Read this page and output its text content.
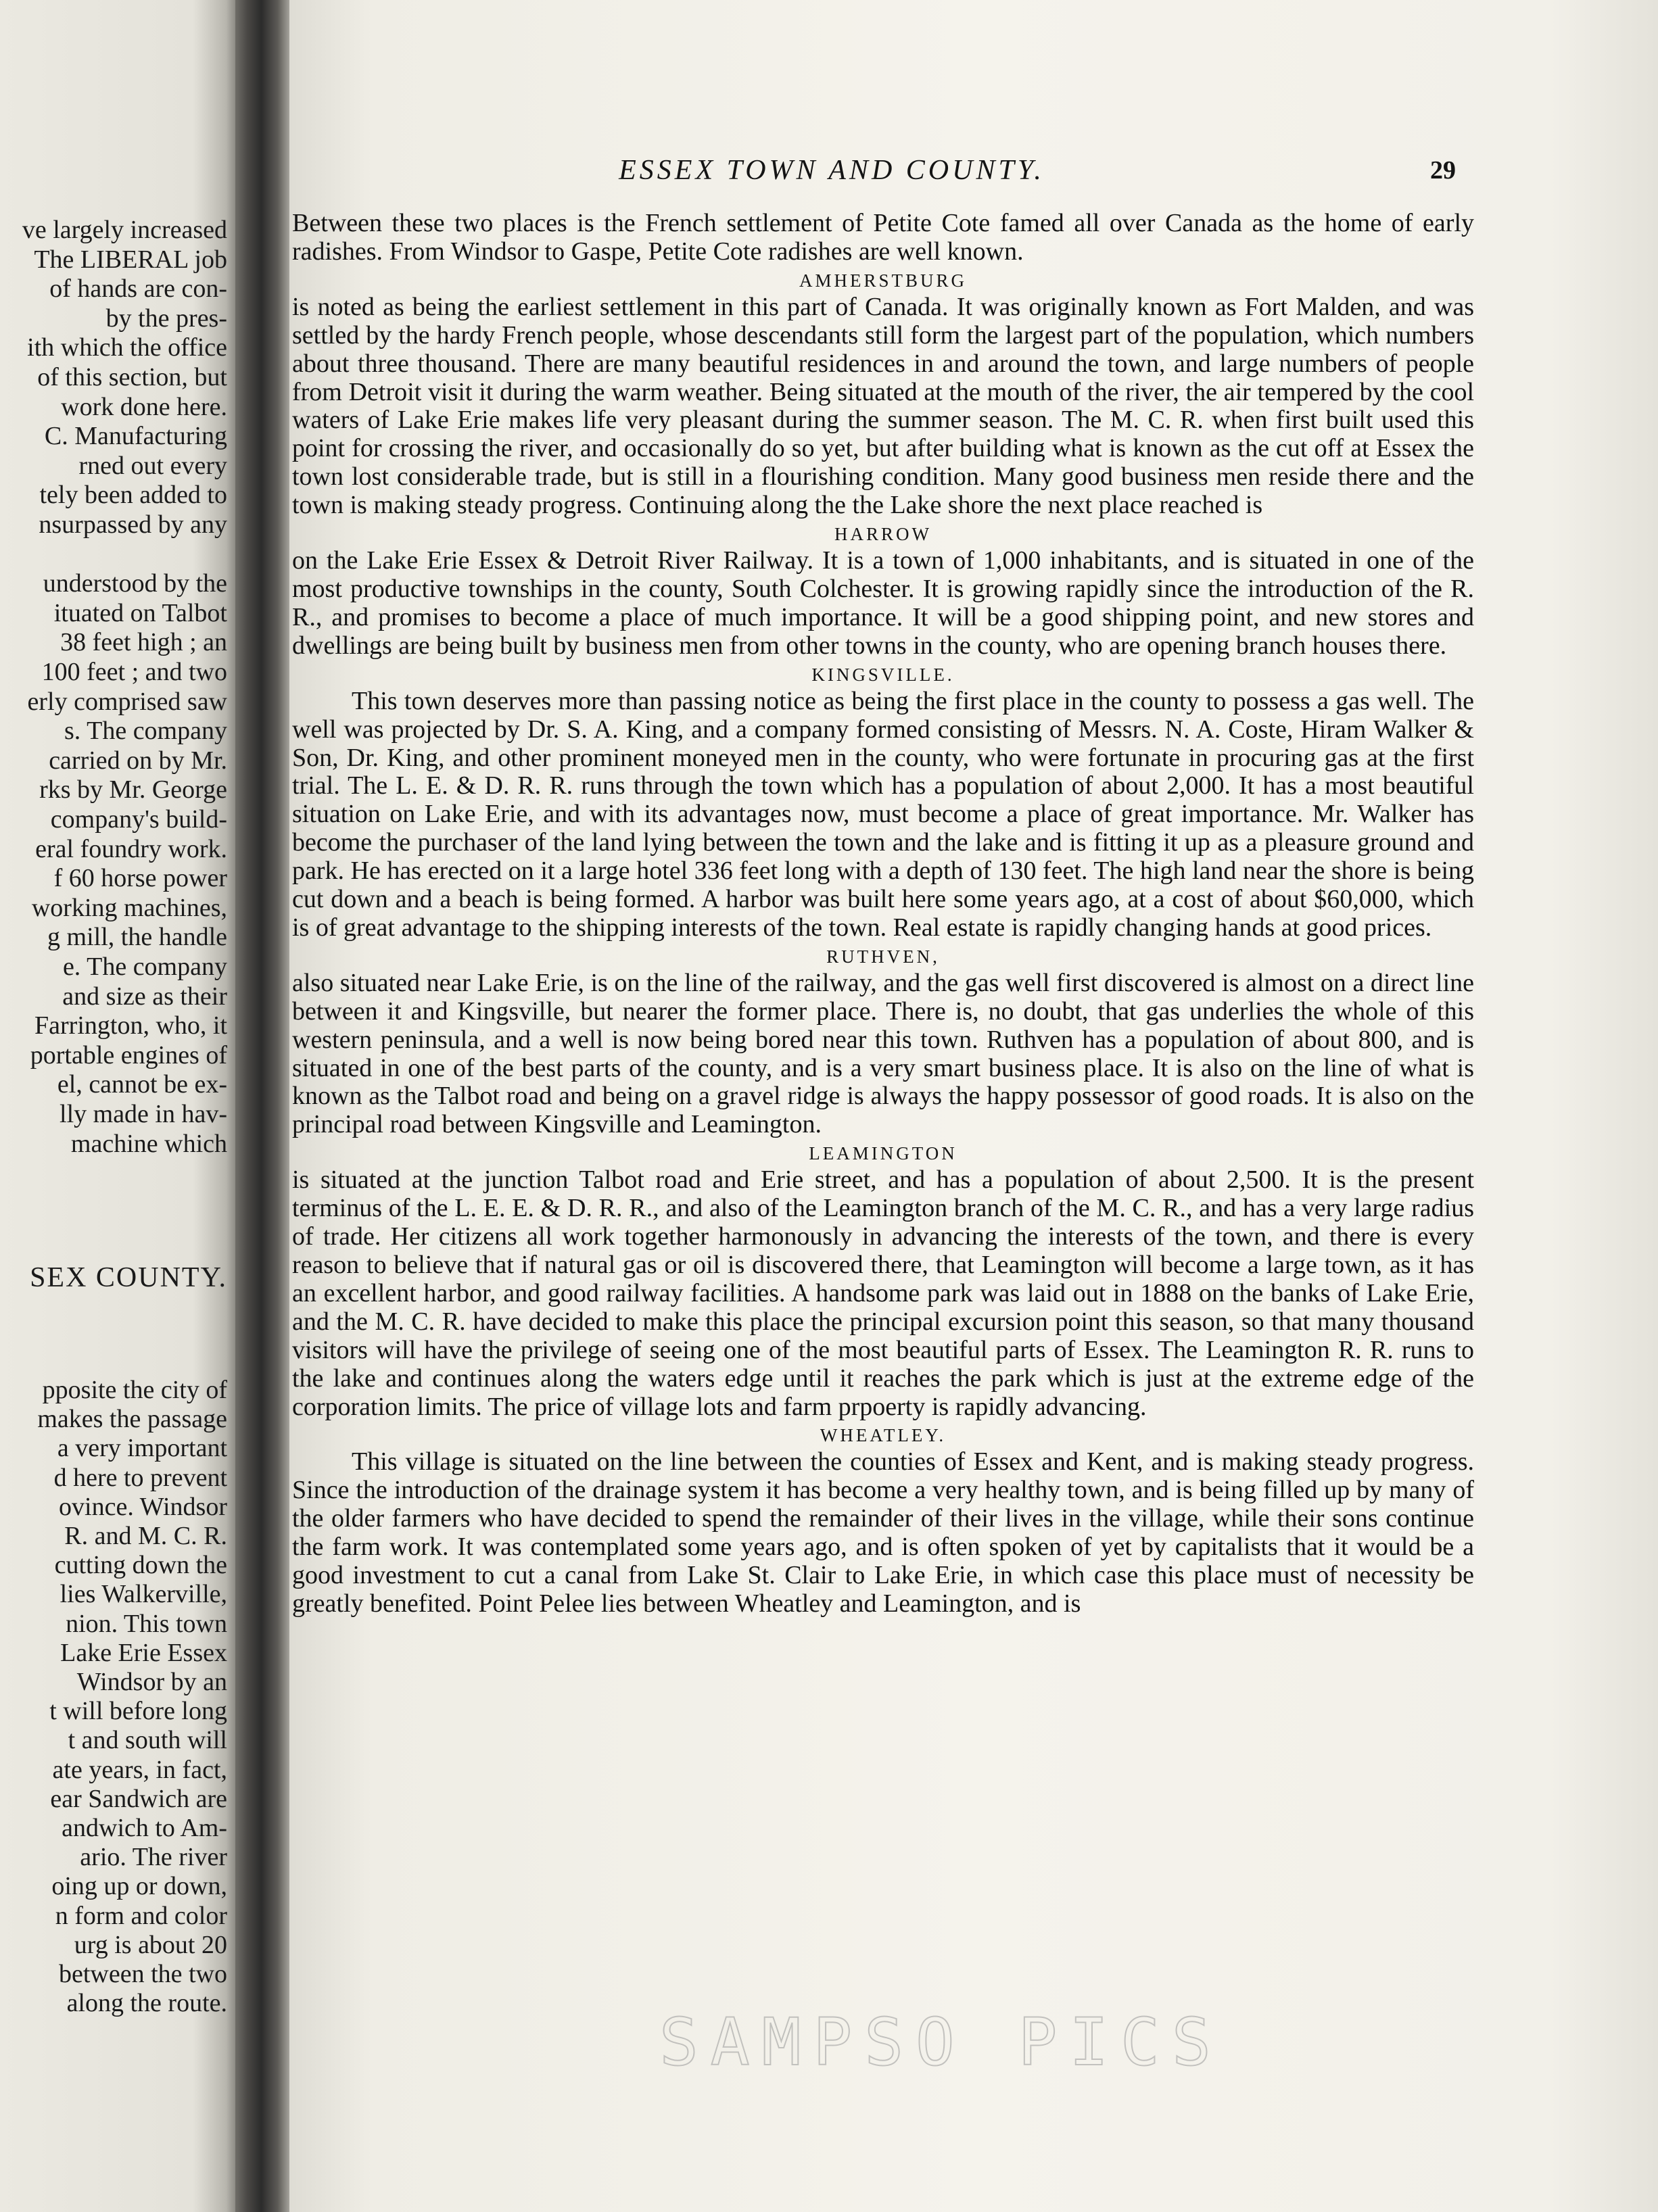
ve largely increased
The LIBERAL job
of hands are con-
by the pres-
ith which the office
of this section, but
work done here.
C. Manufacturing
rned out every
tely been added to
nsurpassed by any
understood by the
ituated on Talbot
38 feet high ; an
100 feet ; and two
erly comprised saw
s. The company
carried on by Mr.
rks by Mr. George
company's build-
eral foundry work.
f 60 horse power
working machines,
g mill, the handle
e. The company
and size as their
Farrington, who, it
portable engines of
el, cannot be ex-
lly made in hav-
machine which
SEX COUNTY.
pposite the city of
makes the passage
a very important
d here to prevent
ovince. Windsor
R. and M. C. R.
cutting down the
lies Walkerville,
nion. This town
Lake Erie Essex
Windsor by an
t will before long
t and south will
ate years, in fact,
ear Sandwich are
andwich to Am-
ario. The river
oing up or down,
n form and color
urg is about 20
between the two
along the route.
ESSEX TOWN AND COUNTY.	29

Between these two places is the French settlement of Petite Cote famed all over Canada as the home of early radishes. From Windsor to Gaspe, Petite Cote radishes are well known.

AMHERSTBURG

is noted as being the earliest settlement in this part of Canada. It was originally known as Fort Malden, and was settled by the hardy French people, whose descendants still form the largest part of the population, which numbers about three thousand. There are many beautiful residences in and around the town, and large numbers of people from Detroit visit it during the warm weather. Being situated at the mouth of the river, the air tempered by the cool waters of Lake Erie makes life very pleasant during the summer season. The M. C. R. when first built used this point for crossing the river, and occasionally do so yet, but after building what is known as the cut off at Essex the town lost considerable trade, but is still in a flourishing condition. Many good business men reside there and the town is making steady progress. Continuing along the the Lake shore the next place reached is

HARROW

on the Lake Erie Essex & Detroit River Railway. It is a town of 1,000 inhabitants, and is situated in one of the most productive townships in the county, South Colchester. It is growing rapidly since the introduction of the R. R., and promises to become a place of much importance. It will be a good shipping point, and new stores and dwellings are being built by business men from other towns in the county, who are opening branch houses there.

KINGSVILLE.

This town deserves more than passing notice as being the first place in the county to possess a gas well. The well was projected by Dr. S. A. King, and a company formed consisting of Messrs. N. A. Coste, Hiram Walker & Son, Dr. King, and other prominent moneyed men in the county, who were fortunate in procuring gas at the first trial. The L. E. & D. R. R. runs through the town which has a population of about 2,000. It has a most beautiful situation on Lake Erie, and with its advantages now, must become a place of great importance. Mr. Walker has become the purchaser of the land lying between the town and the lake and is fitting it up as a pleasure ground and park. He has erected on it a large hotel 336 feet long with a depth of 130 feet. The high land near the shore is being cut down and a beach is being formed. A harbor was built here some years ago, at a cost of about $60,000, which is of great advantage to the shipping interests of the town. Real estate is rapidly changing hands at good prices.

RUTHVEN,

also situated near Lake Erie, is on the line of the railway, and the gas well first discovered is almost on a direct line between it and Kingsville, but nearer the former place. There is, no doubt, that gas underlies the whole of this western peninsula, and a well is now being bored near this town. Ruthven has a population of about 800, and is situated in one of the best parts of the county, and is a very smart business place. It is also on the line of what is known as the Talbot road and being on a gravel ridge is always the happy possessor of good roads. It is also on the principal road between Kingsville and Leamington.

LEAMINGTON

is situated at the junction Talbot road and Erie street, and has a population of about 2,500. It is the present terminus of the L. E. E. & D. R. R., and also of the Leamington branch of the M. C. R., and has a very large radius of trade. Her citizens all work together harmonously in advancing the interests of the town, and there is every reason to believe that if natural gas or oil is discovered there, that Leamington will become a large town, as it has an excellent harbor, and good railway facilities. A handsome park was laid out in 1888 on the banks of Lake Erie, and the M. C. R. have decided to make this place the principal excursion point this season, so that many thousand visitors will have the privilege of seeing one of the most beautiful parts of Essex. The Leamington R. R. runs to the lake and continues along the waters edge until it reaches the park which is just at the extreme edge of the corporation limits. The price of village lots and farm prpoerty is rapidly advancing.

WHEATLEY.

This village is situated on the line between the counties of Essex and Kent, and is making steady progress. Since the introduction of the drainage system it has become a very healthy town, and is being filled up by many of the older farmers who have decided to spend the remainder of their lives in the village, while their sons continue the farm work. It was contemplated some years ago, and is often spoken of yet by capitalists that it would be a good investment to cut a canal from Lake St. Clair to Lake Erie, in which case this place must of necessity be greatly benefited. Point Pelee lies between Wheatley and Leamington, and is

SAMPSO PICS
